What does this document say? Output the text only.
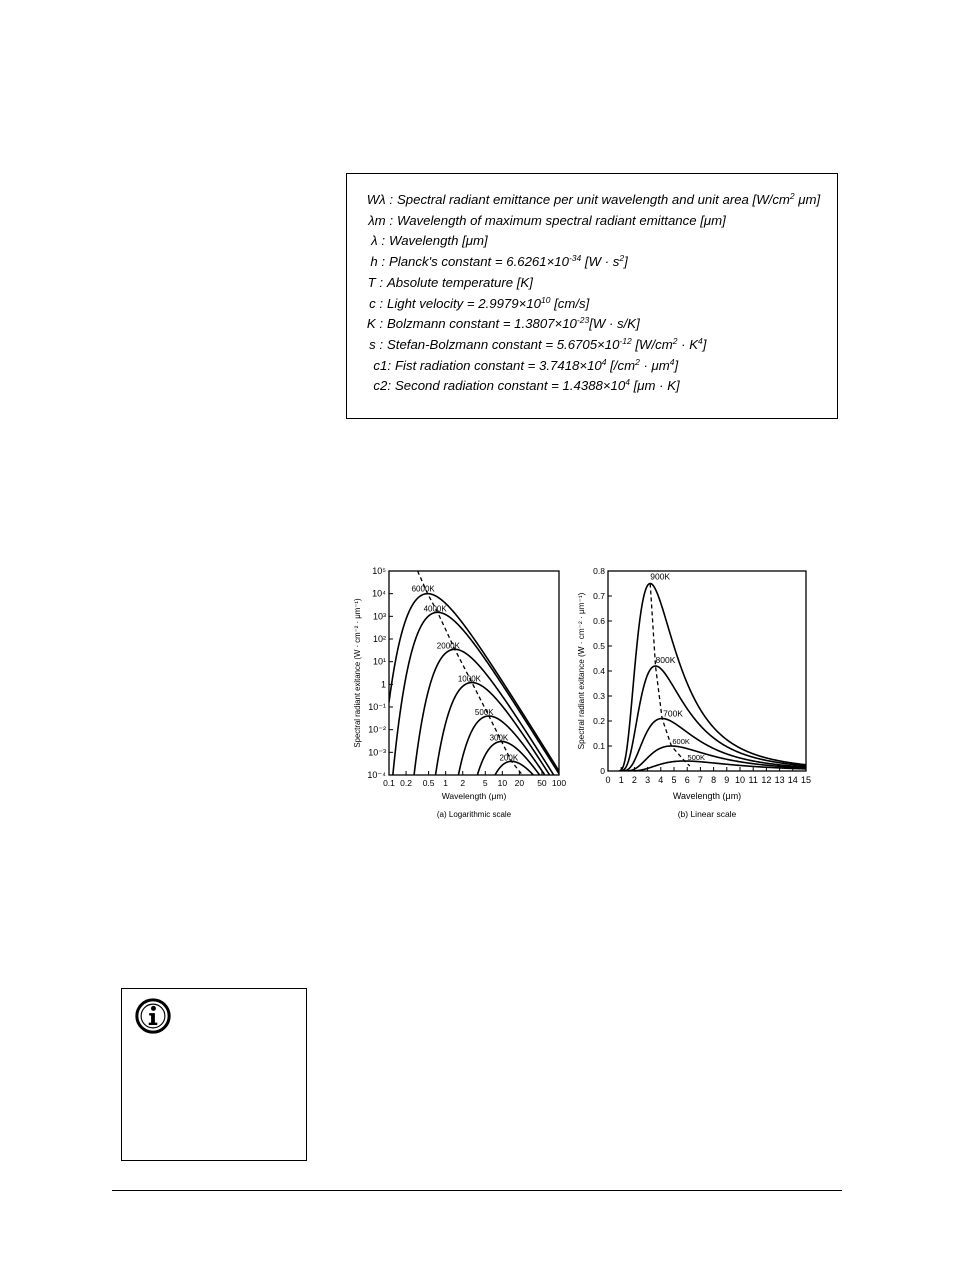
Wλ : Spectral radiant emittance per unit wavelength and unit area [$W/cm^2$ μm]
λm : Wavelength of maximum spectral radiant emittance [μm]
λ : Wavelength [μm]
h : Planck's constant = $6.6261\times 10^{-34}$ $[W \cdot s^2]$
T : Absolute temperature [K]
c : Light velocity = $2.9979\times 10^{10}$ [cm/s]
K : Bolzmann constant = $1.3807\times 10^{-23}[W \cdot s/K]$
s : Stefan-Bolzmann constant = $5.6705\times 10^{-12}$ $[W/cm^2 \cdot K^4]$
c1: Fist radiation constant = $3.7418\times 10^4$ $[/cm^2 \cdot \mu m^4]$
c2: Second radiation constant = $1.4388\times 10^4$ [μm · K]
0.1 0.2 0.5 1 2 5 10 20 50 100
10⁻⁴
10⁻³
10⁻²
10⁻¹
1
10¹
10²
10³
10⁴
10⁵
Wavelength (μm)
Spectral radiant exitance (W · cm⁻² · μm⁻¹)
(a) Logarithmic scale
6000K
4000K
2000K
1000K
500K
300K
200K
0 1 2 3 4 5 6 7 8 9 10 11 12 13 14 15
0
0.1
0.2
0.3
0.4
0.5
0.6
0.7
0.8
Wavelength (μm)
Spectral radiant exitance (W · cm⁻² · μm⁻¹)
(b) Linear scale
900K
800K
700K
600K
500K
